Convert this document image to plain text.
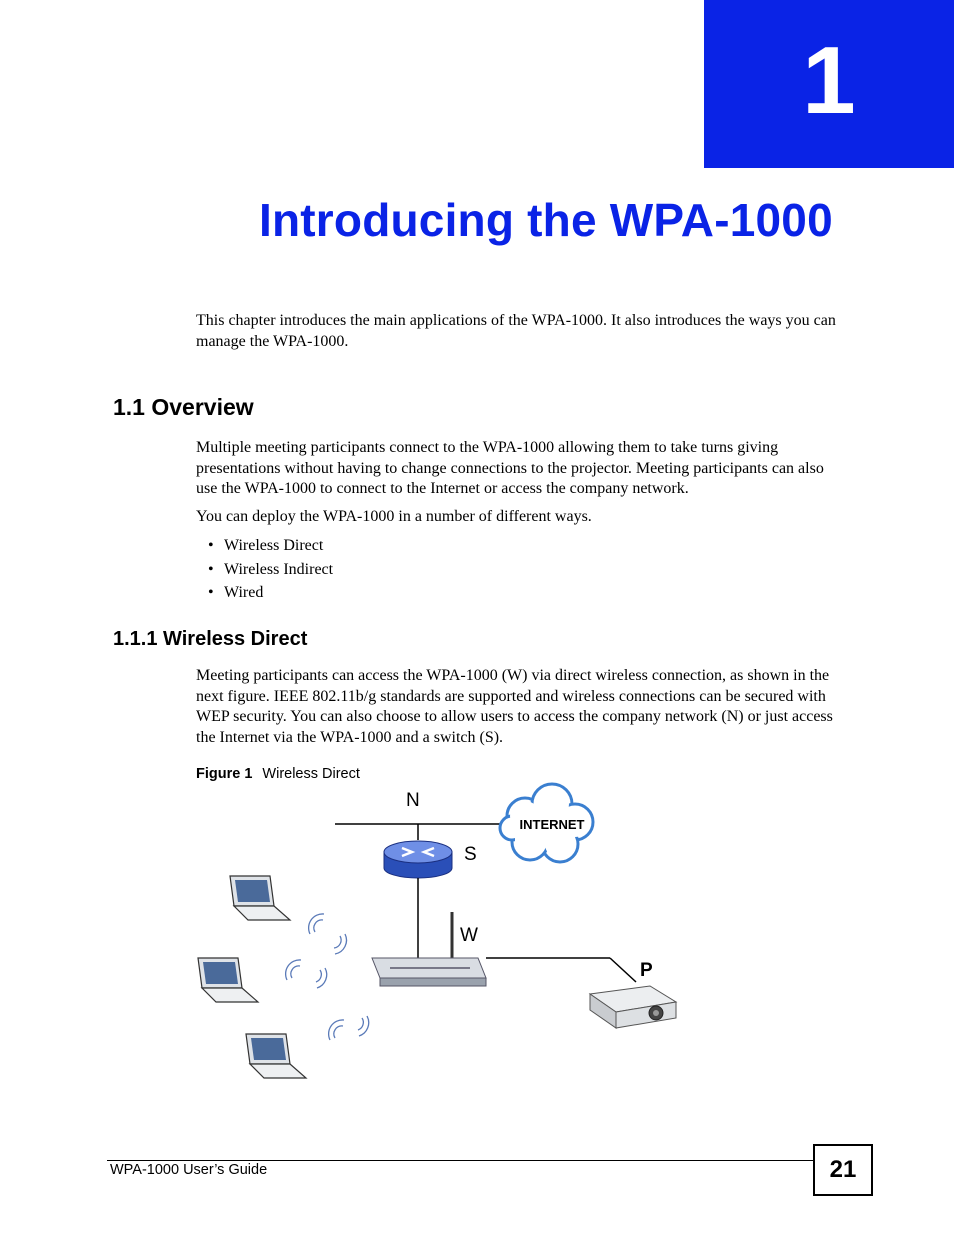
1
Introducing the WPA-1000

This chapter introduces the main applications of the WPA-1000. It also introduces the ways you can manage the WPA-1000.

1.1 Overview

Multiple meeting participants connect to the WPA-1000 allowing them to take turns giving presentations without having to change connections to the projector. Meeting participants can also use the WPA-1000 to connect to the Internet or access the company network.

You can deploy the WPA-1000 in a number of different ways.

• Wireless Direct
• Wireless Indirect
• Wired
1.1.1 Wireless Direct

Meeting participants can access the WPA-1000 (W) via direct wireless connection, as shown in the next figure. IEEE 802.11b/g standards are supported and wireless connections can be secured with WEP security. You can also choose to allow users to access the company network (N) or just access the Internet via the WPA-1000 and a switch (S).

Figure 1 Wireless Direct

N
INTERNET
S
W
P

WPA-1000 User’s Guide	21
